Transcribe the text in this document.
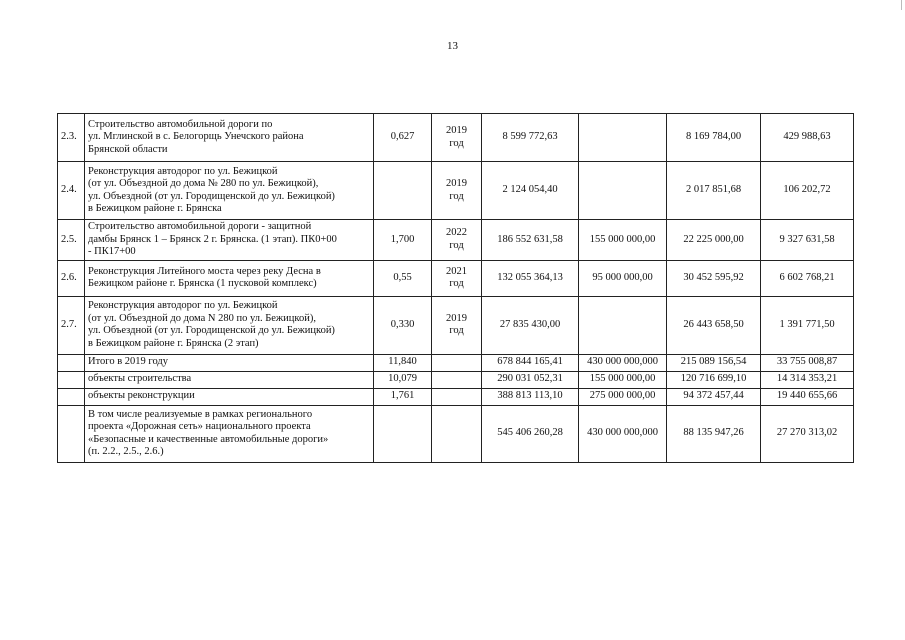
13
2.3.	Строительство автомобильной дороги по
ул. Мглинской в с. Белогорщь Унечского района
Брянской области	0,627	2019
год	8 599 772,63		8 169 784,00	429 988,63
2.4.	Реконструкция автодорог по ул. Бежицкой
(от ул. Объездной до дома № 280 по ул. Бежицкой),
ул. Объездной (от ул. Городищенской до ул. Бежицкой)
в Бежицком районе г. Брянска		2019
год	2 124 054,40		2 017 851,68	106 202,72
2.5.	Строительство автомобильной дороги - защитной
дамбы Брянск 1 – Брянск 2 г. Брянска. (1 этап). ПК0+00
- ПК17+00	1,700	2022
год	186 552 631,58	155 000 000,00	22 225 000,00	9 327 631,58
2.6.	Реконструкция Литейного моста через реку Десна в
Бежицком районе г. Брянска (1 пусковой комплекс)	0,55	2021
год	132 055 364,13	95 000 000,00	30 452 595,92	6 602 768,21
2.7.	Реконструкция автодорог по ул. Бежицкой
(от ул. Объездной до дома N 280 по ул. Бежицкой),
ул. Объездной (от ул. Городищенской до ул. Бежицкой)
в Бежицком районе г. Брянска (2 этап)	0,330	2019
год	27 835 430,00		26 443 658,50	1 391 771,50
	Итого в 2019 году	11,840		678 844 165,41	430 000 000,000	215 089 156,54	33 755 008,87
	объекты строительства	10,079		290 031 052,31	155 000 000,00	120 716 699,10	14 314 353,21
	объекты реконструкции	1,761		388 813 113,10	275 000 000,00	94 372 457,44	19 440 655,66
	В том числе реализуемые в рамках регионального
проекта «Дорожная сеть» национального проекта
«Безопасные и качественные автомобильные дороги»
(п. 2.2., 2.5., 2.6.)			545 406 260,28	430 000 000,000	88 135 947,26	27 270 313,02
